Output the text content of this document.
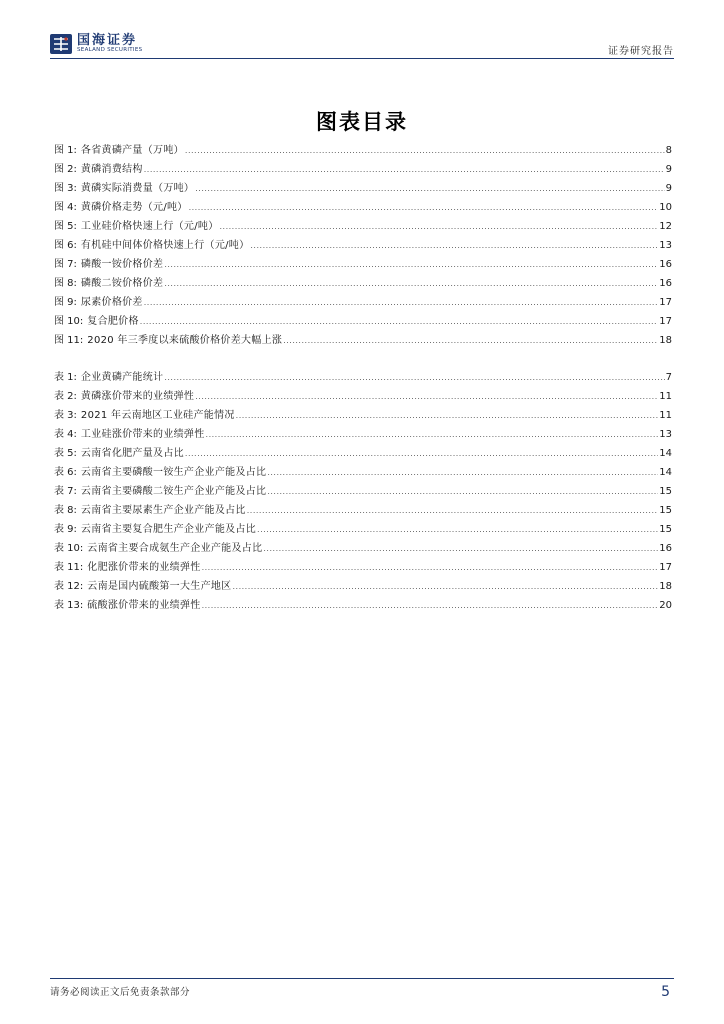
国海证券
SEALAND SECURITIES	证券研究报告
图表目录
图 1: 各省黄磷产量（万吨） .....	8
图 2: 黄磷消费结构 .....	9
图 3: 黄磷实际消费量（万吨） .....	9
图 4: 黄磷价格走势（元/吨） .....	10
图 5: 工业硅价格快速上行（元/吨） .....	12
图 6: 有机硅中间体价格快速上行（元/吨） .....	13
图 7: 磷酸一铵价格价差 .....	16
图 8: 磷酸二铵价格价差 .....	16
图 9: 尿素价格价差 .....	17
图 10: 复合肥价格 .....	17
图 11: 2020 年三季度以来硫酸价格价差大幅上涨 .....	18
表 1: 企业黄磷产能统计 .....	7
表 2: 黄磷涨价带来的业绩弹性 .....	11
表 3: 2021 年云南地区工业硅产能情况 .....	11
表 4: 工业硅涨价带来的业绩弹性 .....	13
表 5: 云南省化肥产量及占比 .....	14
表 6: 云南省主要磷酸一铵生产企业产能及占比 .....	14
表 7: 云南省主要磷酸二铵生产企业产能及占比 .....	15
表 8: 云南省主要尿素生产企业产能及占比 .....	15
表 9: 云南省主要复合肥生产企业产能及占比 .....	15
表 10: 云南省主要合成氨生产企业产能及占比 .....	16
表 11: 化肥涨价带来的业绩弹性 .....	17
表 12: 云南是国内硫酸第一大生产地区 .....	18
表 13: 硫酸涨价带来的业绩弹性 .....	20
请务必阅读正文后免责条款部分	5
